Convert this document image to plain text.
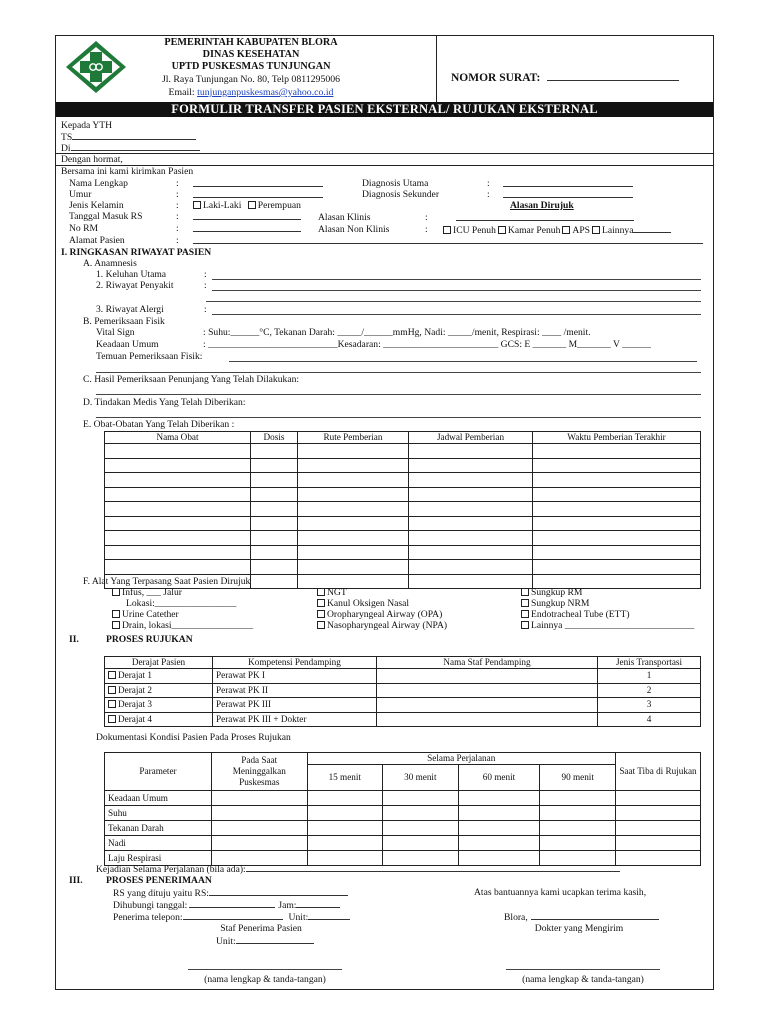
PEMERINTAH KABUPATEN BLORA
DINAS KESEHATAN
UPTD PUSKESMAS TUNJUNGAN
Jl. Raya Tunjungan No. 80, Telp 0811295006
Email: tunjunganpuskesmas@yahoo.co.id
NOMOR SURAT:
FORMULIR TRANSFER PASIEN EKSTERNAL/ RUJUKAN EKSTERNAL
Kepada YTH
TS
Di
Dengan hormat,
Bersama ini kami kirimkan Pasien
Nama Lengkap	:
Umur	:
Jenis Kelamin	:	Laki-Laki Perempuan
Tanggal Masuk RS	:
No RM	:
Alamat Pasien	:
Diagnosis Utama	:
Diagnosis Sekunder	:
Alasan Dirujuk
Alasan Klinis	:
Alasan Non Klinis	:	ICU Penuh Kamar Penuh APS Lainnya
I. RINGKASAN RIWAYAT PASIEN
A. Anamnesis
1. Keluhan Utama	:
2. Riwayat Penyakit	:
3. Riwayat Alergi	:
B. Pemeriksaan Fisik
Vital Sign	: Suhu:______°C, Tekanan Darah: _____/______mmHg, Nadi: _____/menit, Respirasi: ____ /menit.
Keadaan Umum	: ___________________________Kesadaran: ________________________ GCS: E _______ M_______ V ______
Temuan Pemeriksaan Fisik:
C. Hasil Pemeriksaan Penunjang Yang Telah Dilakukan:
D. Tindakan Medis Yang Telah Diberikan:
E. Obat-Obatan Yang Telah Diberikan :
Nama Obat	Dosis	Rute Pemberian	Jadwal Pemberian	Waktu Pemberian Terakhir

F. Alat Yang Terpasang Saat Pasien Dirujuk
Infus, ___ Jalur
Lokasi:_________________
Urine Catether
Drain, lokasi_________________
NGT
Kanul Oksigen Nasal
Oropharyngeal Airway (OPA)
Nasopharyngeal Airway (NPA)
Sungkup RM
Sungkup NRM
Endotracheal Tube (ETT)
Lainnya ___________________________
II.	PROSES RUJUKAN
Derajat Pasien	Kompetensi Pendamping	Nama Staf Pendamping	Jenis Transportasi
Derajat 1	Perawat PK I		1
Derajat 2	Perawat PK II		2
Derajat 3	Perawat PK III		3
Derajat 4	Perawat PK III + Dokter		4
Dokumentasi Kondisi Pasien Pada Proses Rujukan
Parameter	Pada Saat Meninggalkan Puskesmas	Selama Perjalanan				Saat Tiba di Rujukan
		15 menit	30 menit	60 menit	90 menit	
Keadaan Umum						
Suhu						
Tekanan Darah						
Nadi						
Laju Respirasi						
Kejadian Selama Perjalanan (bila ada):
III. PROSES PENERIMAAN
RS yang dituju yaitu RS:
Dihubungi tanggal:	Jam:
Penerima telepon:	Unit:
Staf Penerima Pasien
Unit:
Atas bantuannya kami ucapkan terima kasih,
Blora,
Dokter yang Mengirim
(nama lengkap & tanda-tangan)	(nama lengkap & tanda-tangan)
